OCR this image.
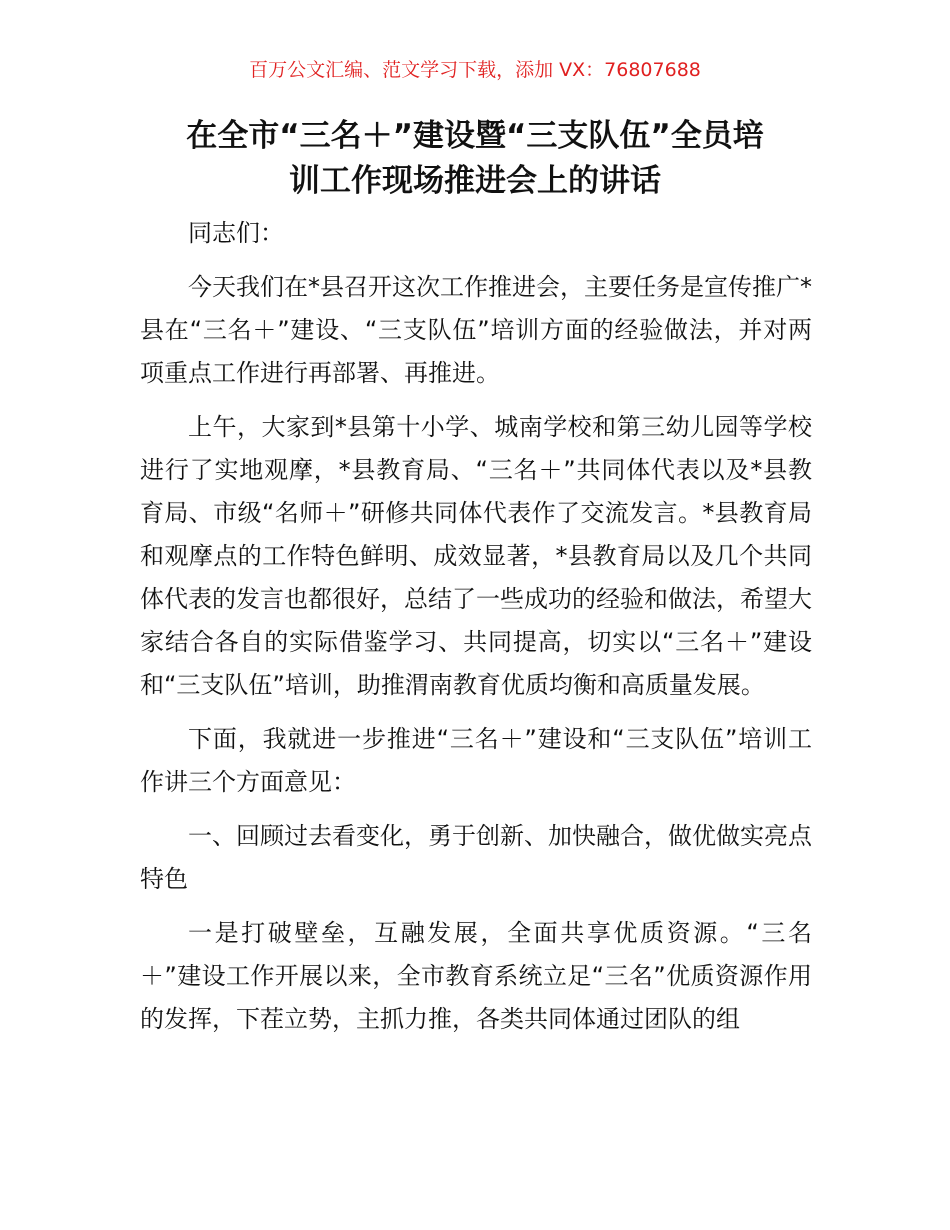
百万公文汇编、范文学习下载，添加 VX：76807688
在全市“三名＋”建设暨“三支队伍”全员培
训工作现场推进会上的讲话

同志们：

今天我们在*县召开这次工作推进会，主要任务是宣传推广*县在“三名＋”建设、“三支队伍”培训方面的经验做法，并对两项重点工作进行再部署、再推进。

上午，大家到*县第十小学、城南学校和第三幼儿园等学校进行了实地观摩，*县教育局、“三名＋”共同体代表以及*县教育局、市级“名师＋”研修共同体代表作了交流发言。*县教育局和观摩点的工作特色鲜明、成效显著，*县教育局以及几个共同体代表的发言也都很好，总结了一些成功的经验和做法，希望大家结合各自的实际借鉴学习、共同提高，切实以“三名＋”建设和“三支队伍”培训，助推渭南教育优质均衡和高质量发展。

下面，我就进一步推进“三名＋”建设和“三支队伍”培训工作讲三个方面意见：

一、回顾过去看变化，勇于创新、加快融合，做优做实亮点特色

一是打破壁垒，互融发展，全面共享优质资源。“三名＋”建设工作开展以来，全市教育系统立足“三名”优质资源作用的发挥，下茬立势，主抓力推，各类共同体通过团队的组
